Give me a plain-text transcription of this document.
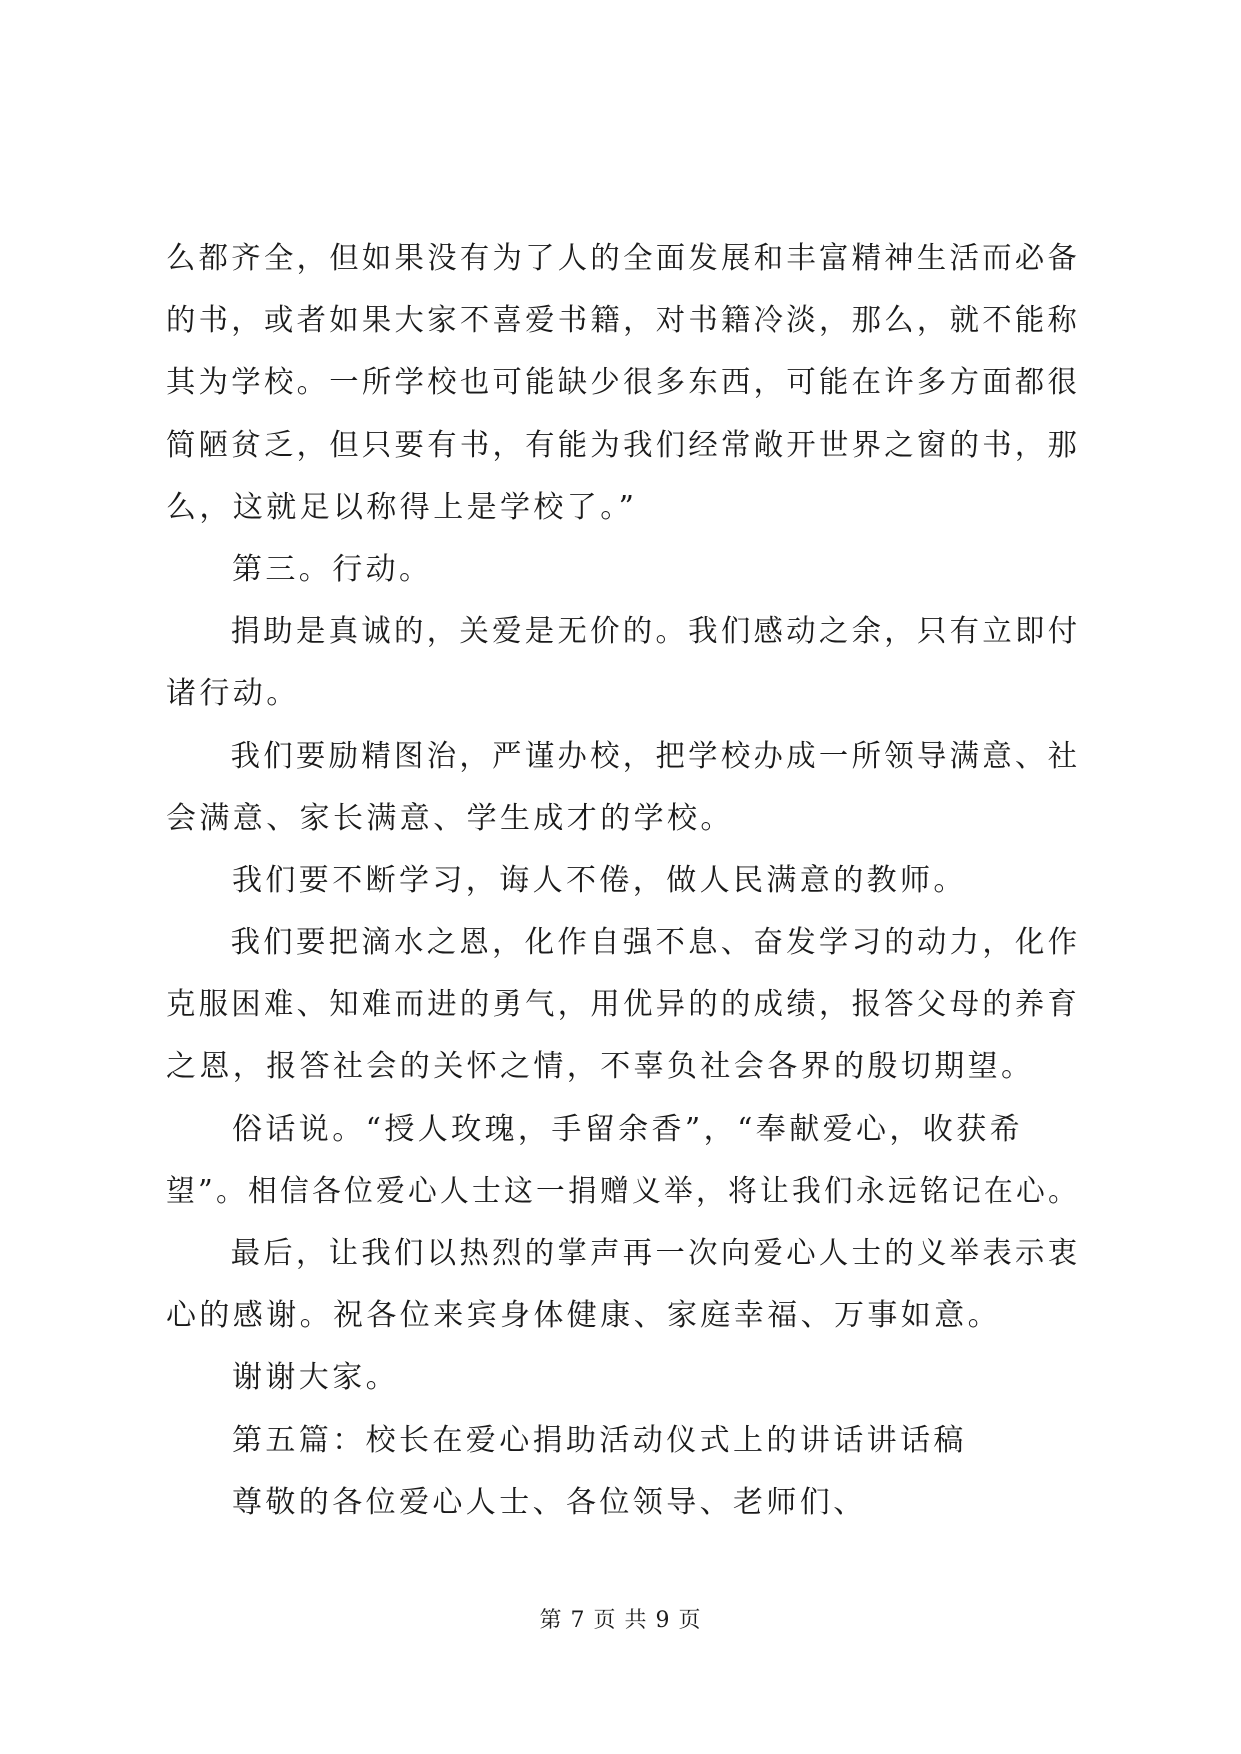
么都齐全，但如果没有为了人的全面发展和丰富精神生活而必备
的书，或者如果大家不喜爱书籍，对书籍冷淡，那么，就不能称
其为学校。一所学校也可能缺少很多东西，可能在许多方面都很
简陋贫乏，但只要有书，有能为我们经常敞开世界之窗的书，那
么，这就足以称得上是学校了。”
第三。行动。
捐助是真诚的，关爱是无价的。我们感动之余，只有立即付
诸行动。
我们要励精图治，严谨办校，把学校办成一所领导满意、社
会满意、家长满意、学生成才的学校。
我们要不断学习，诲人不倦，做人民满意的教师。
我们要把滴水之恩，化作自强不息、奋发学习的动力，化作
克服困难、知难而进的勇气，用优异的的成绩，报答父母的养育
之恩，报答社会的关怀之情，不辜负社会各界的殷切期望。
俗话说。“授人玫瑰，手留余香”，“奉献爱心，收获希
望”。相信各位爱心人士这一捐赠义举，将让我们永远铭记在心。
最后，让我们以热烈的掌声再一次向爱心人士的义举表示衷
心的感谢。祝各位来宾身体健康、家庭幸福、万事如意。
谢谢大家。
第五篇：校长在爱心捐助活动仪式上的讲话讲话稿
尊敬的各位爱心人士、各位领导、老师们、
第 7 页 共 9 页
